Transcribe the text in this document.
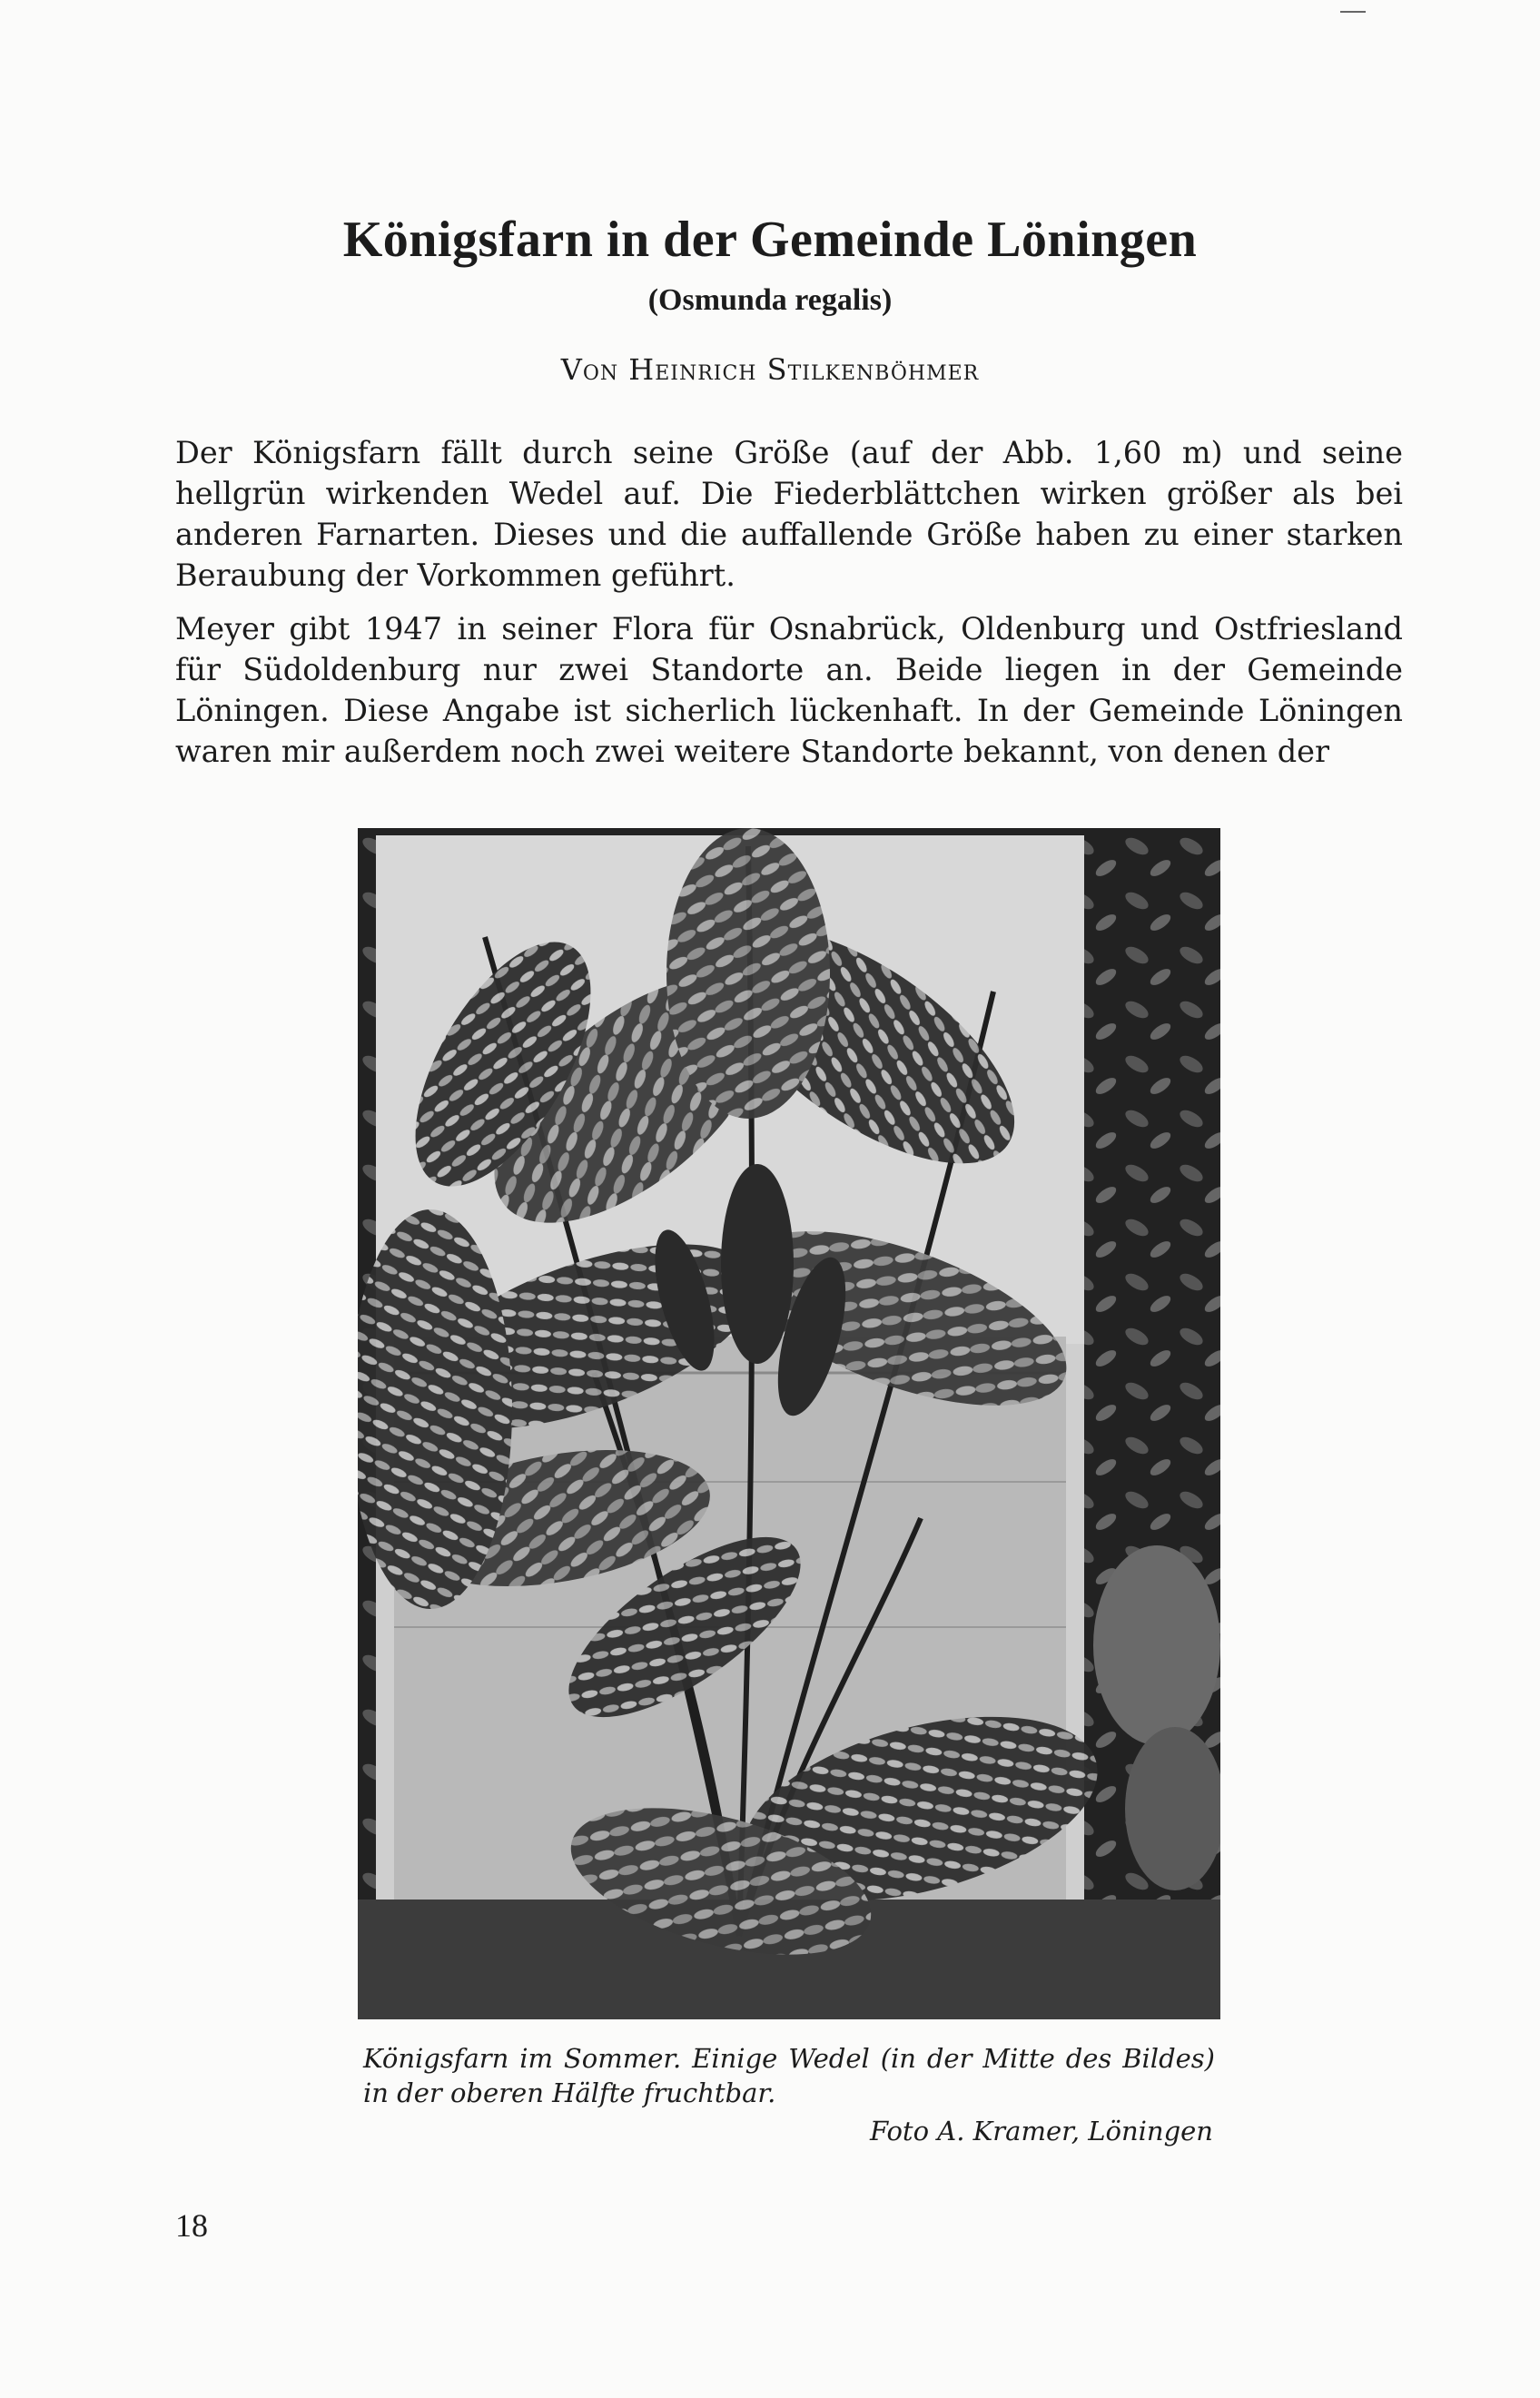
Königsfarn in der Gemeinde Löningen
(Osmunda regalis)

Von Heinrich Stilkenböhmer

Der Königsfarn fällt durch seine Größe (auf der Abb. 1,60 m) und seine hellgrün wirkenden Wedel auf. Die Fiederblättchen wirken größer als bei anderen Farnarten. Dieses und die auffallende Größe haben zu einer starken Beraubung der Vorkommen geführt.

Meyer gibt 1947 in seiner Flora für Osnabrück, Oldenburg und Ostfriesland für Südoldenburg nur zwei Standorte an. Beide liegen in der Gemeinde Löningen. Diese Angabe ist sicherlich lückenhaft. In der Gemeinde Löningen waren mir außerdem noch zwei weitere Standorte bekannt, von denen der

Königsfarn im Sommer. Einige Wedel (in der Mitte des Bildes) in der oberen Hälfte fruchtbar.

Foto A. Kramer, Löningen

18
